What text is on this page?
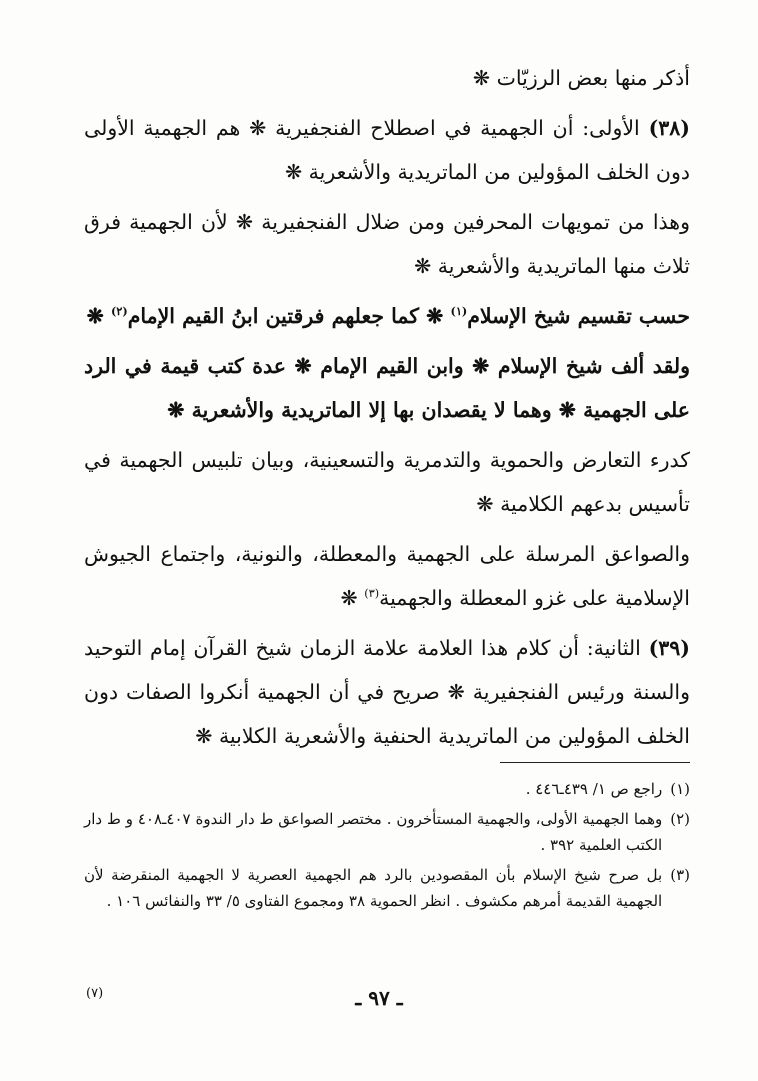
أذكر منها بعض الرزيّات ❋

(٣٨) الأولى: أن الجهمية في اصطلاح الفنجفيرية ❋ هم الجهمية الأولى دون الخلف المؤولين من الماتريدية والأشعرية ❋

وهذا من تمويهات المحرفين ومن ضلال الفنجفيرية ❋ لأن الجهمية فرق ثلاث منها الماتريدية والأشعرية ❋

حسب تقسيم شيخ الإسلام$^{(١)}$ ❋ كما جعلهم فرقتين ابنُ القيم الإمام$^{(٢)}$ ❋

ولقد ألف شيخ الإسلام ❋ وابن القيم الإمام ❋ عدة كتب قيمة في الرد على الجهمية ❋ وهما لا يقصدان بها إلا الماتريدية والأشعرية ❋

كدرء التعارض والحموية والتدمرية والتسعينية، وبيان تلبيس الجهمية في تأسيس بدعهم الكلامية ❋

والصواعق المرسلة على الجهمية والمعطلة، والنونية، واجتماع الجيوش الإسلامية على غزو المعطلة والجهمية$^{(٣)}$ ❋

(٣٩) الثانية: أن كلام هذا العلامة علامة الزمان شيخ القرآن إمام التوحيد والسنة ورئيس الفنجفيرية ❋ صريح في أن الجهمية أنكروا الصفات دون الخلف المؤولين من الماتريدية الحنفية والأشعرية الكلابية ❋

(١)
راجع ص ١/ ٤٣٩ـ٤٤٦ .
(٢)
وهما الجهمية الأولى، والجهمية المستأخرون . مختصر الصواعق ط دار الندوة ٤٠٧ـ٤٠٨ و ط دار الكتب العلمية ٣٩٢ .
(٣)
بل صرح شيخ الإسلام بأن المقصودين بالرد هم الجهمية العصرية لا الجهمية المنقرضة لأن الجهمية القديمة أمرهم مكشوف . انظر الحموية ٣٨ ومجموع الفتاوى ٥/ ٣٣ والنفائس ١٠٦ .
ـ ٩٧ ـ
(٧)
